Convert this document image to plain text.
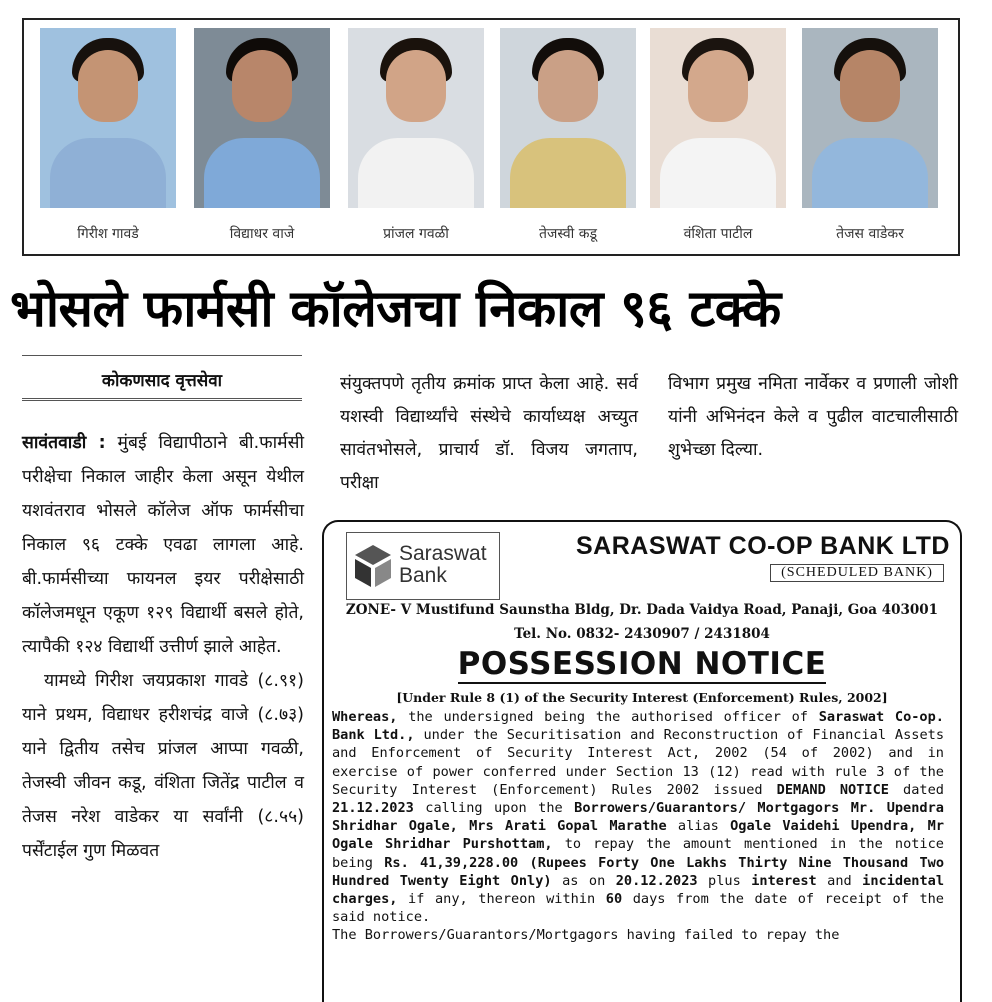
गिरीश गावडे	विद्याधर वाजे	प्रांजल गवळी	तेजस्वी कडू	वंशिता पाटील	तेजस वाडेकर
भोसले फार्मसी कॉलेजचा निकाल ९६ टक्के
कोकणसाद वृत्तसेवा

सावंतवाडी : मुंबई विद्यापीठाने बी.फार्मसी परीक्षेचा निकाल जाहीर केला असून येथील यशवंतराव भोसले कॉलेज ऑफ फार्मसीचा निकाल ९६ टक्के एवढा लागला आहे. बी.फार्मसीच्या फायनल इयर परीक्षेसाठी कॉलेजमधून एकूण १२९ विद्यार्थी बसले होते, त्यापैकी १२४ विद्यार्थी उत्तीर्ण झाले आहेत.

यामध्ये गिरीश जयप्रकाश गावडे (८.९१) याने प्रथम, विद्याधर हरीशचंद्र वाजे (८.७३) याने द्वितीय तसेच प्रांजल आप्पा गवळी, तेजस्वी जीवन कडू, वंशिता जितेंद्र पाटील व तेजस नरेश वाडेकर या सर्वांनी (८.५५) पर्सेंटाईल गुण मिळवत

संयुक्तपणे तृतीय क्रमांक प्राप्त केला आहे. सर्व यशस्वी विद्यार्थ्यांचे संस्थेचे कार्याध्यक्ष अच्युत सावंतभोसले, प्राचार्य डॉ. विजय जगताप, परीक्षा
विभाग प्रमुख नमिता नार्वेकर व प्रणाली जोशी यांनी अभिनंदन केले व पुढील वाटचालीसाठी शुभेच्छा दिल्या.
Saraswat
Bank
SARASWAT CO-OP BANK LTD
(SCHEDULED BANK)
ZONE- V Mustifund Saunstha Bldg, Dr. Dada Vaidya Road, Panaji, Goa 403001
Tel. No. 0832- 2430907 / 2431804
POSSESSION NOTICE
[Under Rule 8 (1) of the Security Interest (Enforcement) Rules, 2002]

Whereas, the undersigned being the authorised officer of Saraswat Co-op. Bank Ltd., under the Securitisation and Reconstruction of Financial Assets and Enforcement of Security Interest Act, 2002 (54 of 2002) and in exercise of power conferred under Section 13 (12) read with rule 3 of the Security Interest (Enforcement) Rules 2002 issued DEMAND NOTICE dated 21.12.2023 calling upon the Borrowers/Guarantors/ Mortgagors Mr. Upendra Shridhar Ogale, Mrs Arati Gopal Marathe alias Ogale Vaidehi Upendra, Mr Ogale Shridhar Purshottam, to repay the amount mentioned in the notice being Rs. 41,39,228.00 (Rupees Forty One Lakhs Thirty Nine Thousand Two Hundred Twenty Eight Only) as on 20.12.2023 plus interest and incidental charges, if any, thereon within 60 days from the date of receipt of the said notice.

The Borrowers/Guarantors/Mortgagors having failed to repay the
